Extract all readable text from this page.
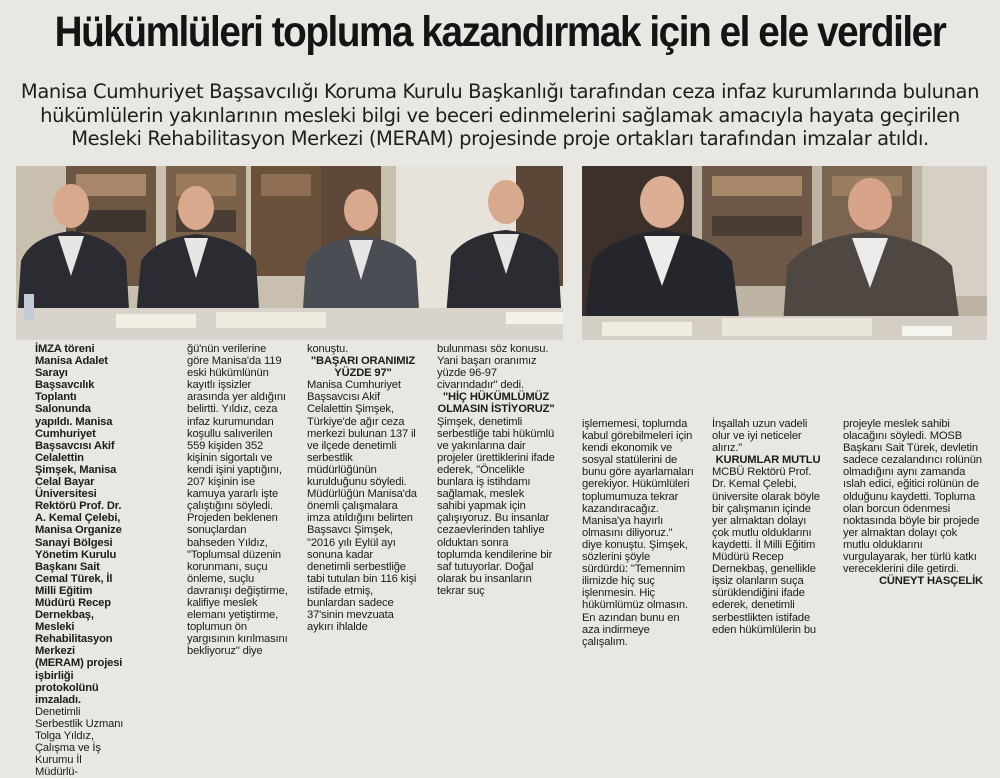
Hükümlüleri topluma kazandırmak için el ele verdiler
Manisa Cumhuriyet Başsavcılığı Koruma Kurulu Başkanlığı tarafından ceza infaz kurumlarında bulunan hükümlülerin yakınlarının mesleki bilgi ve beceri edinmelerini sağlamak amacıyla hayata geçirilen Mesleki Rehabilitasyon Merkezi (MERAM) projesinde proje ortakları tarafından imzalar atıldı.

İMZA töreni Manisa Adalet Sarayı Başsavcılık Toplantı Salonunda yapıldı. Manisa Cumhuriyet Başsavcısı Akif Celalettin Şimşek, Manisa Celal Bayar Üniversitesi Rektörü Prof. Dr. A. Kemal Çelebi, Manisa Organize Sanayi Bölgesi Yönetim Kurulu Başkanı Sait Cemal Türek, İl Milli Eğitim Müdürü Recep Dernekbaş, Mesleki Rehabilitasyon Merkezi (MERAM) projesi işbirliği protokolünü imzaladı. Denetimli Serbestlik Uzmanı Tolga Yıldız, Çalışma ve İş Kurumu İl Müdürlü-

ğü'nün verilerine göre Manisa'da 119 eski hükümlünün kayıtlı işsizler arasında yer aldığını belirtti. Yıldız, ceza infaz kurumundan koşullu salıverilen 559 kişiden 352 kişinin sigortalı ve kendi işini yaptığını, 207 kişinin ise kamuya yararlı işte çalıştığını söyledi. Projeden beklenen sonuçlardan bahseden Yıldız, "Toplumsal düzenin korunmanı, suçu önleme, suçlu davranışı değiştirme, kalifiye meslek elemanı yetiştirme, toplumun ön yargısının kırılmasını bekliyoruz" diye

konuştu.

"BAŞARI ORANIMIZ YÜZDE 97"

Manisa Cumhuriyet Başsavcısı Akif Celalettin Şimşek, Türkiye'de ağır ceza merkezi bulunan 137 il ve ilçede denetimli serbestlik müdürlüğünün kurulduğunu söyledi. Müdürlüğün Manisa'da önemli çalışmalara imza atıldığını belirten Başsavcı Şimşek, "2016 yılı Eylül ayı sonuna kadar denetimli serbestliğe tabi tutulan bin 116 kişi istifade etmiş, bunlardan sadece 37'sinin mevzuata aykırı ihlalde

bulunması söz konusu. Yani başarı oranımız yüzde 96-97 civarındadır" dedi.

"HİÇ HÜKÜMLÜMÜZ OLMASIN İSTİYORUZ"

Şimşek, denetimli serbestliğe tabi hükümlü ve yakınlarına dair projeler ürettiklerini ifade ederek, "Öncelikle bunlara iş istihdamı sağlamak, meslek sahibi yapmak için çalışıyoruz. Bu insanlar cezaevlerinden tahliye olduktan sonra toplumda kendilerine bir saf tutuyorlar. Doğal olarak bu insanların tekrar suç

işlememesi, toplumda kabul görebilmeleri için kendi ekonomik ve sosyal statülerini de bunu göre ayarlamaları gerekiyor. Hükümlüleri toplumumuza tekrar kazandıracağız. Manisa'ya hayırlı olmasını diliyoruz." diye konuştu. Şimşek, sözlerini şöyle sürdürdü: "Temennim ilimizde hiç suç işlenmesin. Hiç hükümlümüz olmasın. En azından bunu en aza indirmeye çalışalım.

İnşallah uzun vadeli olur ve iyi neticeler alırız."

KURUMLAR MUTLU

MCBÜ Rektörü Prof. Dr. Kemal Çelebi, üniversite olarak böyle bir çalışmanın içinde yer almaktan dolayı çok mutlu olduklarını kaydetti. İl Milli Eğitim Müdürü Recep Dernekbaş, genellikle işsiz olanların suça sürüklendiğini ifade ederek, denetimli serbestlikten istifade eden hükümlülerin bu

projeyle meslek sahibi olacağını söyledi. MOSB Başkanı Sait Türek, devletin sadece cezalandırıcı rolünün olmadığını aynı zamanda ıslah edici, eğitici rolünün de olduğunu kaydetti. Topluma olan borcun ödenmesi noktasında böyle bir projede yer almaktan dolayı çok mutlu olduklarını vurgulayarak, her türlü katkı vereceklerini dile getirdi.

CÜNEYT HASÇELİK
